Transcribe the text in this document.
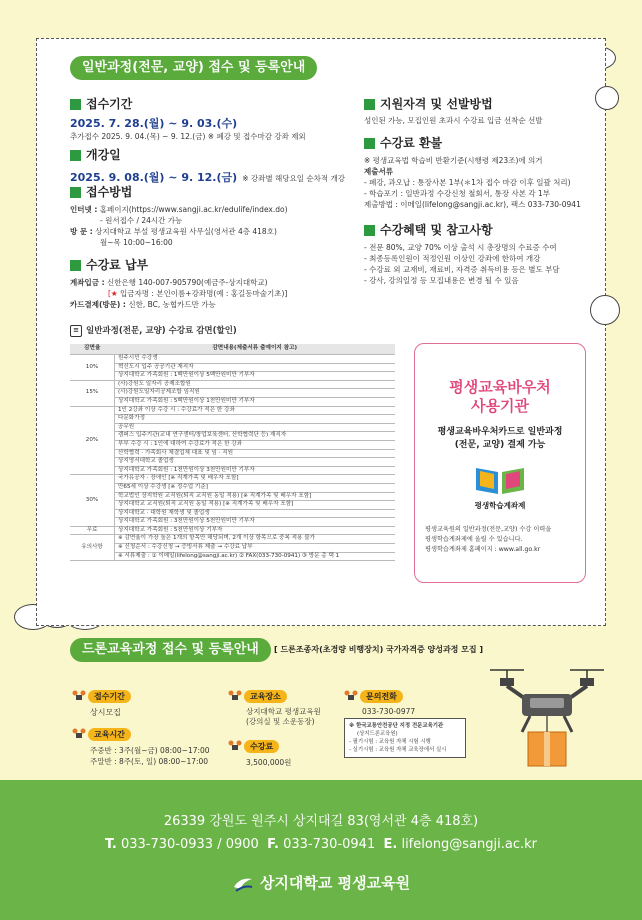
일반과정(전문, 교양) 접수 및 등록안내
접수기간
2025. 7. 28.(월) ~ 9. 03.(수)
추가접수 2025. 9. 04.(목) ~ 9. 12.(금) ※ 폐강 및 접수마감 강좌 제외
개강일
2025. 9. 08.(월) ~ 9. 12.(금) ※ 강좌별 해당요일 순차적 개강
접수방법
인터넷 : 홈페이지(https://www.sangji.ac.kr/edulife/index.do)
- 원서접수 / 24시간 가능
방 문 : 상지대학교 부설 평생교육원 사무실(영서관 4층 418호)
월~목 10:00~16:00
수강료 납부
계좌입금 : 신한은행 140-007-905790(예금주-상지대학교)
[★ 입금자명 : 본인이름+강좌명(예 : 홍길동마술기초)]
카드결제(방문) : 신한, BC, 농협카드만 가능
지원자격 및 선발방법
성인된 가능, 모집인원 초과시 수강료 입금 선착순 선발
수강료 환불
※ 평생교육법 학습비 반환기준(시행령 제23조)에 의거
제출서류
- 폐강, 과오납 : 통장사본 1부(＊1차 접수 마감 이후 일괄 처리)
- 학습포기 : 일반과정 수강신청 철회서, 통장 사본 각 1부
제출방법 : 이메일(lifelong@sangji.ac.kr), 팩스 033-730-0941
수강혜택 및 참고사항
- 전문 80%, 교양 70% 이상 출석 시 총장명의 수료증 수여
- 최종등록인원이 적정인원 이상인 강좌에 한하여 개강
- 수강료 외 교재비, 재료비, 자격증 취득비용 등은 별도 부담
- 강사, 강의일정 등 모집내용은 변경 될 수 있음
≡ 일반과정(전문, 교양) 수강료 감면(할인)
감면율	감면내용(제출서류 출예이지 참고)
10%	원주시민 수강생
	혁신도시 입주 공공기관 재직자
	상지대학교 가족회원 : 1백만원이상 5백만원미만 기부자
15%	(사)강원도 일자리 공제조합원
	(사)강원도일자리공제조합 임직원
	상지대학교 가족회원 : 5백만원이상 1천만원미만 기부자
20%	1인 2강좌 이상 수강 시 : 수강료가 적은 한 강좌
	다문화가정
	공무원
	캠퍼스 입주기관(교내 연구센터/창업보육센터, 산학협력단 등) 재직자
	부부 수강 시 : 1인에 대하여 수강료가 적은 한 강좌
	산학협력 · 가족회사 체결업체 대표 및 임 · 직원
	상지영서대학교 졸업생
	상지대학교 가족회원 : 1천만원이상 3천만원미만 기부자
30%	국가유공자 · 장애인 [※ 직계가족 및 배우자 포함]
	만65세 이상 수강생 [※ 정수업 기준]
	학교법인 상지학원 교직원(퇴직 교직원 동일 적용) [※ 직계가족 및 배우자 포함]
	상지대학교 교직원(퇴직 교직원 동일 적용) [※ 직계가족 및 배우자 포함]
	상지대학교 · 대학원 재학생 및 졸업생
	상지대학교 가족회원 : 3천만원이상 5천만원미만 기부자
무료	상지대학교 가족회원 : 5천만원이상 기부자
유의사항	※ 감면율이 가장 높은 1개의 항목만 해당되며, 2개 이상 항목으로 중복 적용 불가
	※ 신청순서 : 수강신청 → 증빙서류 제출 → 수강료 납부
	※ 서류제출 : ① 이메일(lifelong@sangji.ac.kr) ② FAX(033-730-0941) ③ 방문 총 택 1
평생교육바우처
사용기관
평생교육바우처카드로 일반과정
(전문, 교양) 결제 가능
평생학습계좌제
평생교육원의 일반과정(전문,교양) 수강 이력을
평생학습계좌제에 올릴 수 있습니다.
평생학습계좌제 홈페이지 : www.all.go.kr
드론교육과정 접수 및 등록안내	[ 드론조종자(초경량 비행장치) 국가자격증 양성과정 모집 ]
접수기간
상시모집
교육시간
주중반 : 3주(월~금) 08:00~17:00
주말반 : 8주(토, 일) 08:00~17:00
교육장소
상지대학교 평생교육원
(강의실 및 소운동장)
수강료
3,500,000원
문의전화
033-730-0977
※ 한국교통안전공단 지정 전문교육기관
(상지드론교육원)
- 필기시험 : 교육원 자체 시험 시행
- 실기시험 : 교육원 자체 교육장에서 실시
26339 강원도 원주시 상지대길 83(영서관 4층 418호)
T. 033-730-0933 / 0900 F. 033-730-0941 E. lifelong@sangji.ac.kr
상지대학교 평생교육원
